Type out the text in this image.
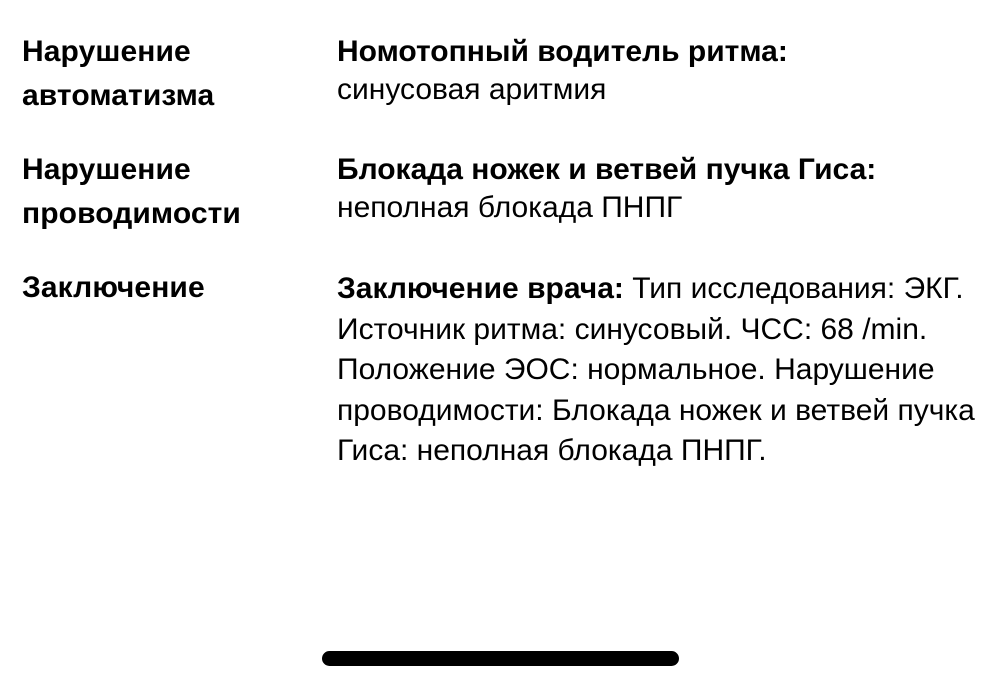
Нарушение
автоматизма
Номотопный водитель ритма:
синусовая аритмия
Нарушение
проводимости
Блокада ножек и ветвей пучка Гиса:
неполная блокада ПНПГ
Заключение	Заключение врача: Тип исследования: ЭКГ. Источник ритма: синусовый. ЧСС: 68 /min. Положение ЭОС: нормальное. Нарушение проводимости: Блокада ножек и ветвей пучка Гиса: неполная блокада ПНПГ.
